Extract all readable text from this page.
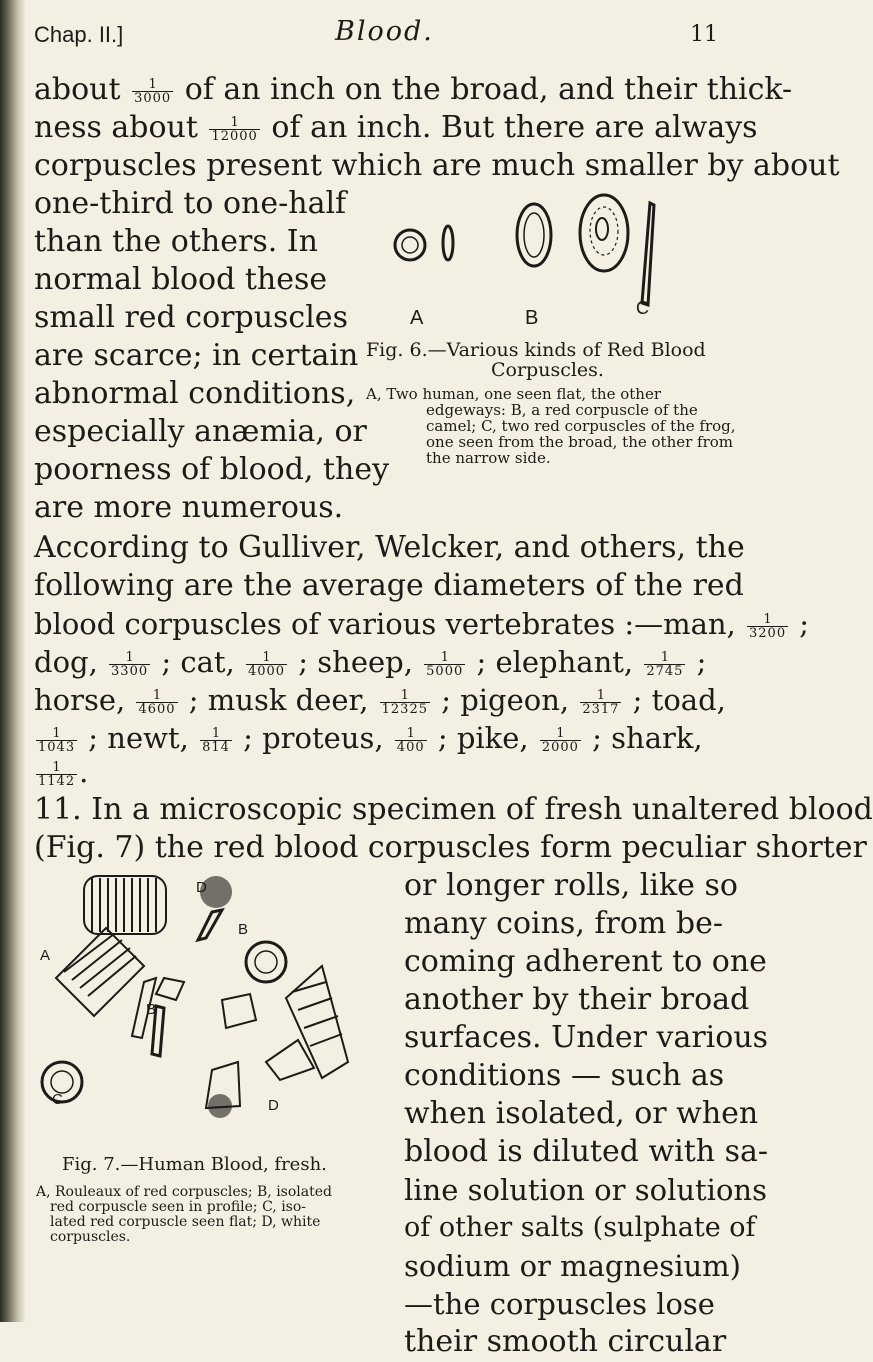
Chap. II.]	Blood.	11
about $\frac{1}{3000}$ of an inch on the broad, and their thick-
ness about $\frac{1}{12000}$ of an inch. But there are always
corpuscles present which are much smaller by about
one-third to one-half
than the others. In
normal blood these
small red corpuscles
are scarce; in certain
abnormal conditions,
especially anæmia, or
poorness of blood, they
are more numerous.
A	B	C
Fig. 6.—Various kinds of Red Blood
Corpuscles.
A, Two human, one seen flat, the other
edgeways: B, a red corpuscle of the
camel; C, two red corpuscles of the frog,
one seen from the broad, the other from
the narrow side.
According to Gulliver, Welcker, and others, the
following are the average diameters of the red
blood corpuscles of various vertebrates :—man, $\frac{1}{3200}$ ;
dog, $\frac{1}{3300}$ ; cat, $\frac{1}{4000}$ ; sheep, $\frac{1}{5000}$ ; elephant, $\frac{1}{2745}$ ;
horse, $\frac{1}{4600}$ ; musk deer, $\frac{1}{12325}$ ; pigeon, $\frac{1}{2317}$ ; toad,
$\frac{1}{1043}$ ; newt, $\frac{1}{814}$ ; proteus, $\frac{1}{400}$ ; pike, $\frac{1}{2000}$ ; shark,
$\frac{1}{1142}$ .
11. In a microscopic specimen of fresh unaltered blood
(Fig. 7) the red blood corpuscles form peculiar shorter
or longer rolls, like so
many coins, from be-
coming adherent to one
another by their broad
surfaces. Under various
conditions — such as
when isolated, or when
blood is diluted with sa-
line solution or solutions
of other salts (sulphate of
sodium or magnesium)
—the corpuscles lose
D
B
A
B
C	D
Fig. 7.—Human Blood, fresh.
A, Rouleaux of red corpuscles; B, isolated
red corpuscle seen in profile; C, iso-
lated red corpuscle seen flat; D, white
corpuscles.
their smooth circular
